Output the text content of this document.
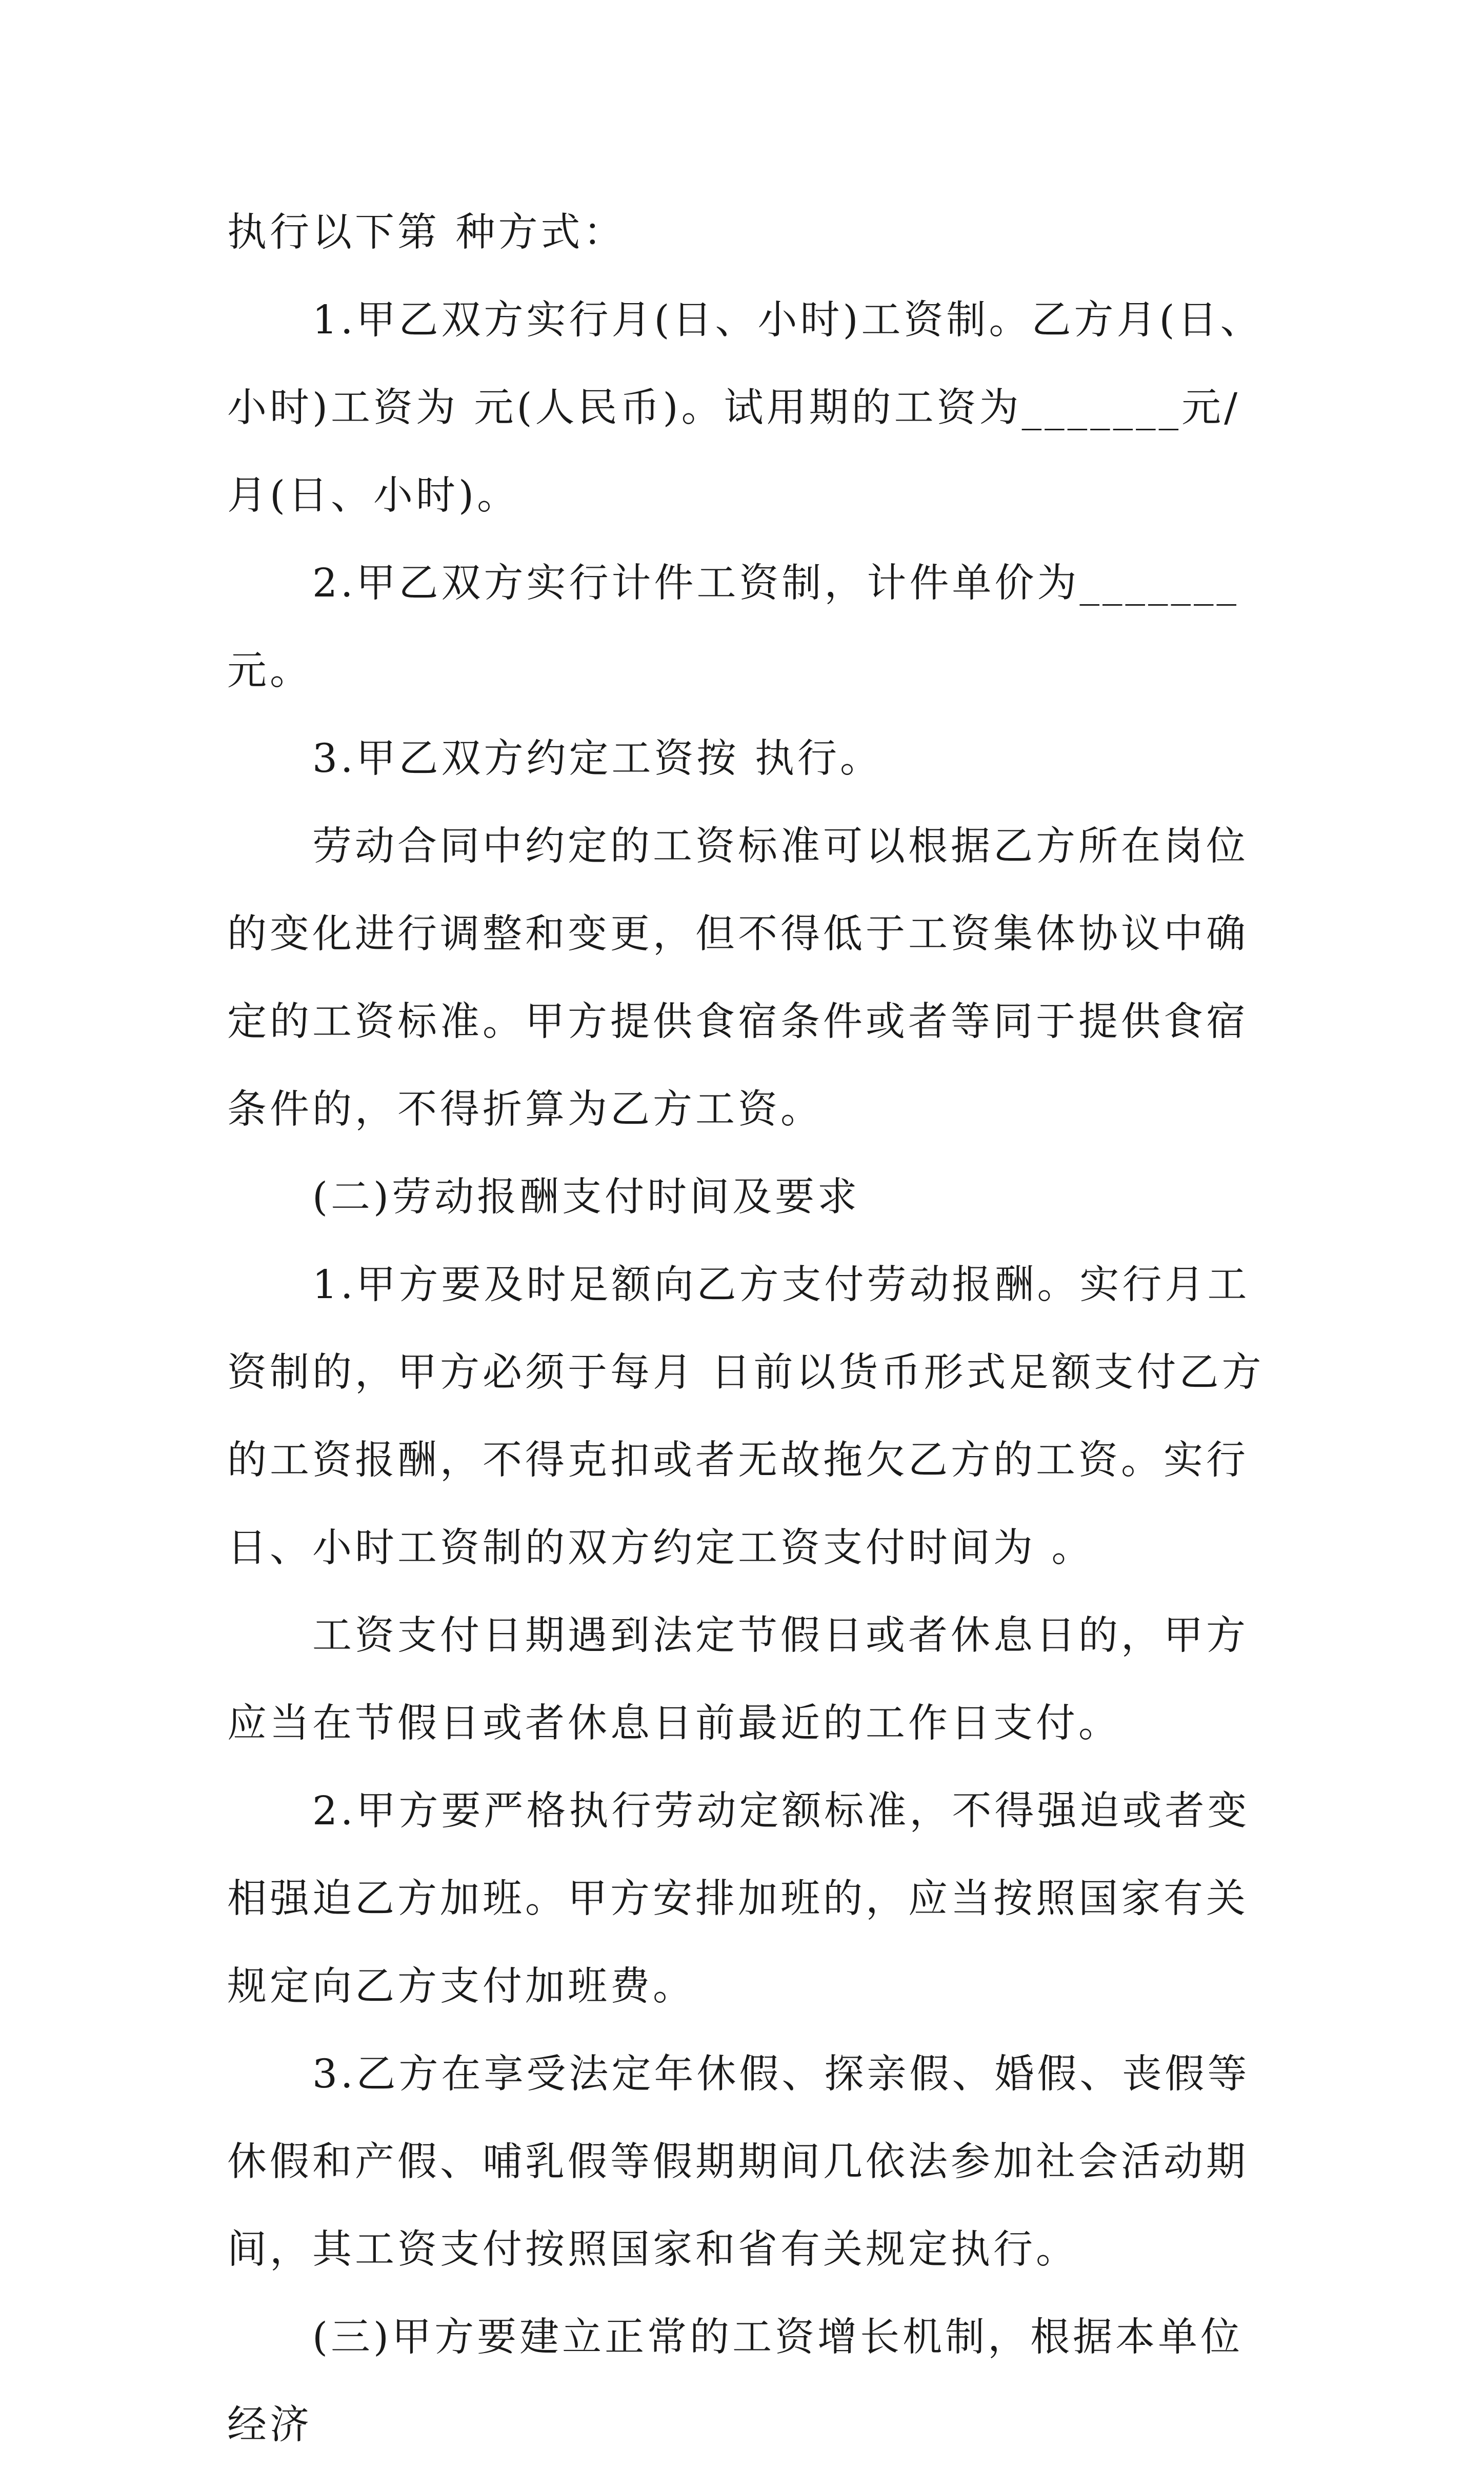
执行以下第 种方式：

1.甲乙双方实行月(日、小时)工资制。乙方月(日、小时)工资为 元(人民币)。试用期的工资为_______元/月(日、小时)。

2.甲乙双方实行计件工资制，计件单价为_______元。

3.甲乙双方约定工资按 执行。

劳动合同中约定的工资标准可以根据乙方所在岗位的变化进行调整和变更，但不得低于工资集体协议中确定的工资标准。甲方提供食宿条件或者等同于提供食宿条件的，不得折算为乙方工资。

(二)劳动报酬支付时间及要求

1.甲方要及时足额向乙方支付劳动报酬。实行月工资制的，甲方必须于每月 日前以货币形式足额支付乙方的工资报酬，不得克扣或者无故拖欠乙方的工资。实行日、小时工资制的双方约定工资支付时间为 。

工资支付日期遇到法定节假日或者休息日的，甲方应当在节假日或者休息日前最近的工作日支付。

2.甲方要严格执行劳动定额标准，不得强迫或者变相强迫乙方加班。甲方安排加班的，应当按照国家有关规定向乙方支付加班费。

3.乙方在享受法定年休假、探亲假、婚假、丧假等休假和产假、哺乳假等假期期间几依法参加社会活动期间，其工资支付按照国家和省有关规定执行。

(三)甲方要建立正常的工资增长机制，根据本单位经济
